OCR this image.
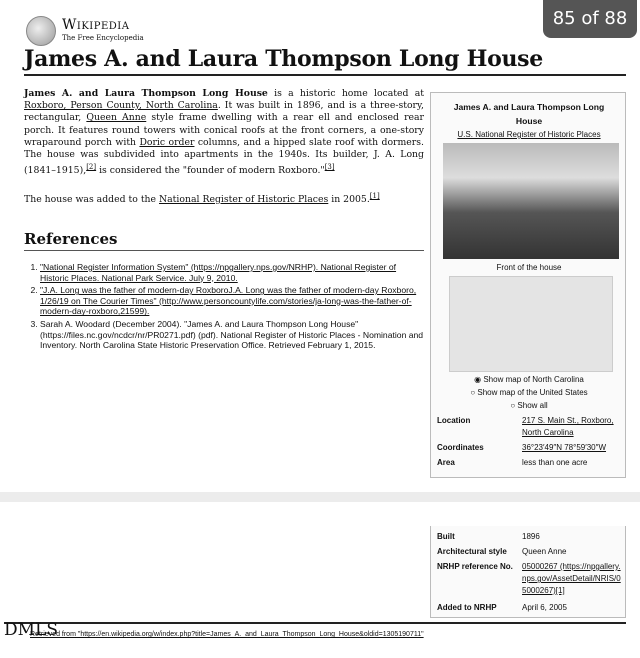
Wikipedia
The Free Encyclopedia
85 of 88
James A. and Laura Thompson Long House

James A. and Laura Thompson Long House is a historic home located at Roxboro, Person County, North Carolina. It was built in 1896, and is a three-story, rectangular, Queen Anne style frame dwelling with a rear ell and enclosed rear porch. It features round towers with conical roofs at the front corners, a one-story wraparound porch with Doric order columns, and a hipped slate roof with dormers. The house was subdivided into apartments in the 1940s. Its builder, J. A. Long (1841–1915),[2] is considered the "founder of modern Roxboro."[3]

The house was added to the National Register of Historic Places in 2005.[1]

References
1. "National Register Information System" (https://npgallery.nps.gov/NRHP). National Register of Historic Places. National Park Service. July 9, 2010.
2. "J.A. Long was the father of modern-day RoxboroJ.A. Long was the father of modern-day Roxboro, 1/26/19 on The Courier Times" (http://www.personcountylife.com/stories/ja-long-was-the-father-of-modern-day-roxboro,21599).
3. Sarah A. Woodard (December 2004). "James A. and Laura Thompson Long House" (https://files.nc.gov/ncdcr/nr/PR0271.pdf) (pdf). National Register of Historic Places - Nomination and Inventory. North Carolina State Historic Preservation Office. Retrieved February 1, 2015.
James A. and Laura Thompson Long House
U.S. National Register of Historic Places
Front of the house
◉ Show map of North Carolina
○ Show map of the United States
○ Show all
Location	217 S. Main St., Roxboro, North Carolina
Coordinates	36°23′49″N 78°59′30″W
Area	less than one acre
Built	1896
Architectural style	Queen Anne
NRHP reference No.	05000267 (https://npgallery.nps.gov/AssetDetail/NRIS/05000267)[1]
Added to NRHP	April 6, 2005
DMLS
Retrieved from "https://en.wikipedia.org/w/index.php?title=James_A._and_Laura_Thompson_Long_House&oldid=1305190711"
